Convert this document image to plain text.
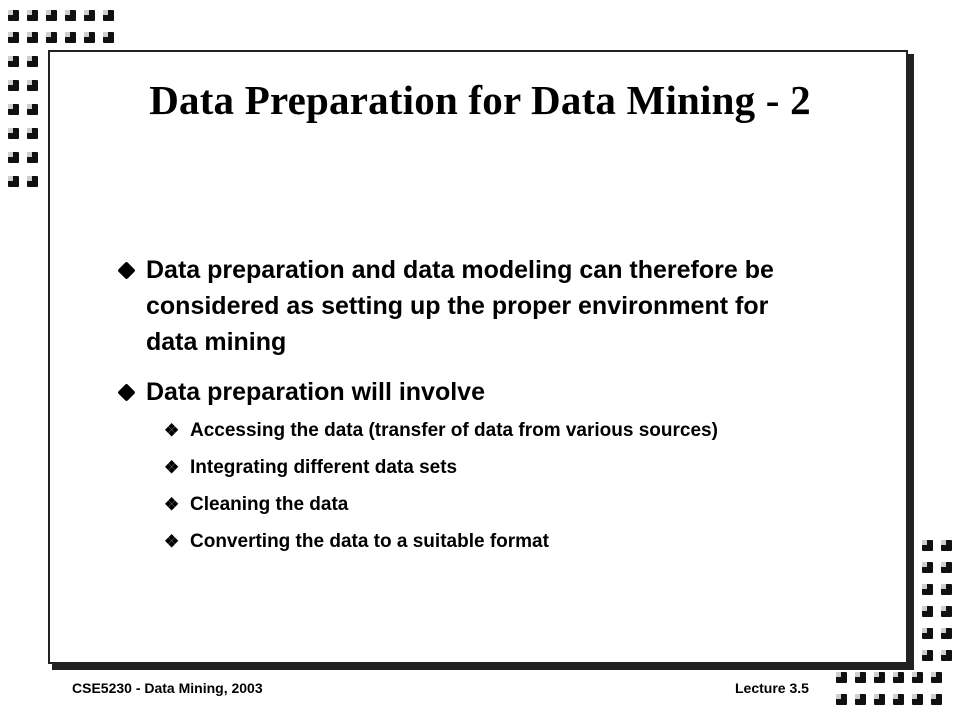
Data Preparation for Data Mining - 2
Data preparation and data modeling can therefore be considered as setting up the proper environment for data mining
Data preparation will involve
❖ Accessing the data (transfer of data from various sources)
❖ Integrating different data sets
❖ Cleaning the data
❖ Converting the data to a suitable format
CSE5230 - Data Mining, 2003	Lecture 3.5
